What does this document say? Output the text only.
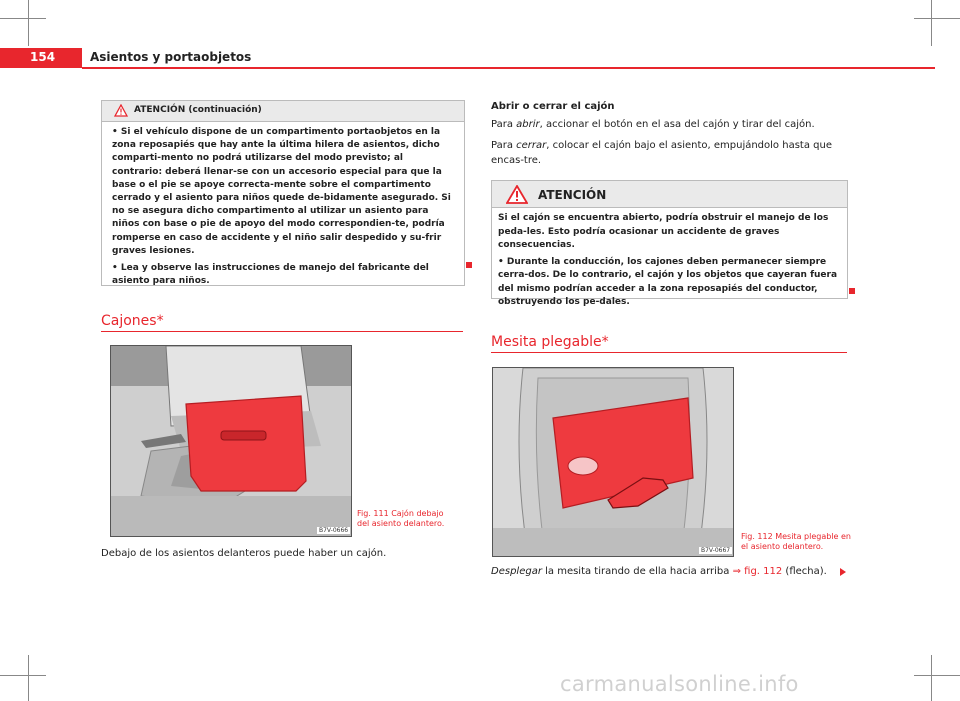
154	Asientos y portaobjetos
ATENCIÓN (continuación)

• Si el vehículo dispone de un compartimento portaobjetos en la zona reposapiés que hay ante la última hilera de asientos, dicho comparti-mento no podrá utilizarse del modo previsto; al contrario: deberá llenar-se con un accesorio especial para que la base o el pie se apoye correcta-mente sobre el compartimento cerrado y el asiento para niños quede de-bidamente asegurado. Si no se asegura dicho compartimento al utilizar un asiento para niños con base o pie de apoyo del modo correspondien-te, podría romperse en caso de accidente y el niño salir despedido y su-frir graves lesiones.

• Lea y observe las instrucciones de manejo del fabricante del asiento para niños.

Cajones*
B7V-0666
Fig. 111 Cajón debajo del asiento delantero.

Debajo de los asientos delanteros puede haber un cajón.

Abrir o cerrar el cajón

Para abrir, accionar el botón en el asa del cajón y tirar del cajón.

Para cerrar, colocar el cajón bajo el asiento, empujándolo hasta que encas-tre.

ATENCIÓN

Si el cajón se encuentra abierto, podría obstruir el manejo de los peda-les. Esto podría ocasionar un accidente de graves consecuencias.

• Durante la conducción, los cajones deben permanecer siempre cerra-dos. De lo contrario, el cajón y los objetos que cayeran fuera del mismo podrían acceder a la zona reposapiés del conductor, obstruyendo los pe-dales.

Mesita plegable*
B7V-0667
Fig. 112 Mesita plegable en el asiento delantero.

Desplegar la mesita tirando de ella hacia arriba ⇒ fig. 112 (flecha).

carmanualsonline.info
